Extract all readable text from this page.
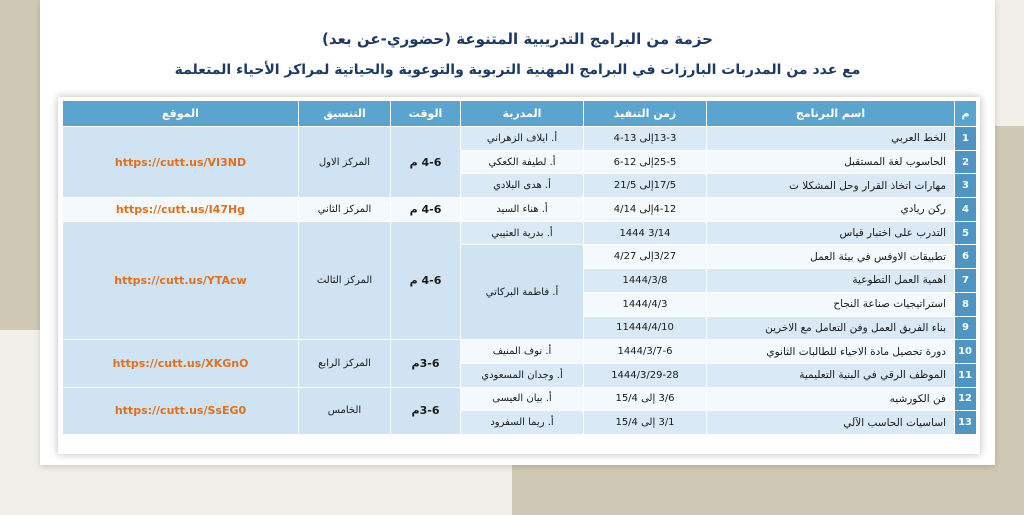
حزمة من البرامج التدريبية المتنوعة (حضوري-عن بعد)
مع عدد من المدربات البارزات في البرامج المهنية التربوية والتوعوية والحياتية لمراكز الأحياء المتعلمة
م	اسم البرنامج	زمن التنفيذ	المدربة	الوقت	التنسيق	الموقع
1	الخط العربي	13-3إلى 13-4	أ. ايلاف الزهراني	4-6 م	المركز الاول	https://cutt.us/VI3ND
2	الحاسوب لغة المستقبل	25-5إلى 12-6	أ. لطيفة الكعكي			
3	مهارات اتخاذ القرار وحل المشكلا ت	17/5إلى 21/5	أ. هدى البلادي			
4	ركن ريادي	4-12إلى 4/14	أ. هناء السيد	4-6 م	المركز الثاني	https://cutt.us/I47Hg
5	التدرب على اختبار قياس	3/14 1444	أ. بدرية العتيبي	4-6 م	المركز الثالث	https://cutt.us/YTAcw
6	تطبيقات الاوفس في بيئة العمل	3/27إلى 4/27	أ. فاطمة البركاتي			
7	اهمية العمل التطوعية	1444/3/8				
8	استراتيجيات صناعة النجاح	1444/4/3				
9	بناء الفريق العمل وفن التعامل مع الاخرين	11444/4/10				
10	دورة تحصيل مادة الاحياء للطالبات الثانوي	1444/3/7-6	أ. نوف المنيف	3-6م	المركز الرابع	https://cutt.us/XKGnO
11	الموظف الرقي في البنية التعليمية	1444/3/29-28	أ. وجدان المسعودي			
12	فن الكورشيه	3/6 إلى 15/4	أ. بيان العيسى	3-6م	الخامس	https://cutt.us/SsEG0
13	اساسيات الحاسب الآلي	3/1 إلى 15/4	أ. ريما السفرود			
